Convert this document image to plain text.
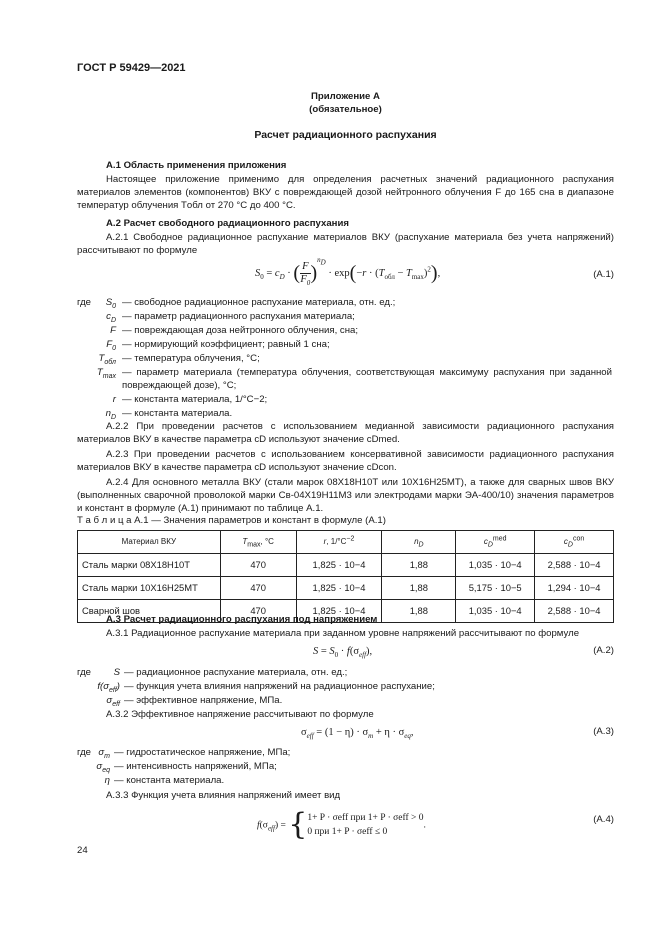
ГОСТ Р 59429—2021
Приложение А
(обязательное)
Расчет радиационного распухания
А.1 Область применения приложения
Настоящее приложение применимо для определения расчетных значений радиационного распухания материалов элементов (компонентов) ВКУ с повреждающей дозой нейтронного облучения F до 165 сна в диапазоне температур облучения Tобл от 270 °С до 400 °С.
А.2 Расчет свободного радиационного распухания
А.2.1 Свободное радиационное распухание материалов ВКУ (распухание материала без учета напряжений) рассчитывают по формуле
$S_0 = c_D$ · ( $\frac{F}{F_0} )^{n_D} \cdot \exp(-r \cdot (T_{обл} - T_{max})^2)$,	(А.1)
где	$S_0$ — свободное радиационное распухание материала, отн. ед.;
$c_D$ — параметр радиационного распухания материала;
F — повреждающая доза нейтронного облучения, сна;
$F_0$ — нормирующий коэффициент; равный 1 сна;
$T_{обл}$ — температура облучения, °С;
$T_{max}$ — параметр материала (температура облучения, соответствующая максимуму распухания при заданной повреждающей дозе), °С;
r — константа материала, 1/°С−2;
$n_D$ — константа материала.
А.2.2 При проведении расчетов с использованием медианной зависимости радиационного распухания материалов ВКУ в качестве параметра cD используют значение cDmed.
А.2.3 При проведении расчетов с использованием консервативной зависимости радиационного распухания материалов ВКУ в качестве параметра cD используют значение cDcon.
А.2.4 Для основного металла ВКУ (стали марок 08Х18Н10Т или 10Х16Н25МТ), а также для сварных швов ВКУ (выполненных сварочной проволокой марки Св-04Х19Н11М3 или электродами марки ЭА-400/10) значения параметров и констант в формуле (А.1) принимают по таблице А.1.
Т а б л и ц а А.1 — Значения параметров и констант в формуле (А.1)
Материал ВКУ	$T_{max}$, °С	r, $1/^\circ С^{-2}$	$n_D$	$c_D^{med}$	$c_D^{con}$
Сталь марки 08Х18Н10Т	470	1,825 · 10−4	1,88	1,035 · 10−4	2,588 · 10−4
Сталь марки 10Х16Н25МТ	470	1,825 · 10−4	1,88	5,175 · 10−5	1,294 · 10−4
Сварной шов	470	1,825 · 10−4	1,88	1,035 · 10−4	2,588 · 10−4
А.3 Расчет радиационного распухания под напряжением
А.3.1 Радиационное распухание материала при заданном уровне напряжений рассчитывают по формуле
$S = S_0 \cdot f(\sigma_{eff})$,	(А.2)
где	S — радиационное распухание материала, отн. ед.;
$f(\sigma_{eff})$ — функция учета влияния напряжений на радиационное распухание;
$\sigma_{eff}$ — эффективное напряжение, МПа.
А.3.2 Эффективное напряжение рассчитывают по формуле
$\sigma_{eff} = (1 - \eta) \cdot \sigma_m + \eta \cdot \sigma_{eq}$,	(А.3)
где $\sigma_m$ — гидростатическое напряжение, МПа;
$\sigma_{eq}$ — интенсивность напряжений, МПа;
η — константа материала.
А.3.3 Функция учета влияния напряжений имеет вид
$f(\sigma_{eff})$ = { 1+ P · σeff при 1+ P · σeff > 0
0 при 1+ P · σeff ≤ 0
.
(А.4)
24
